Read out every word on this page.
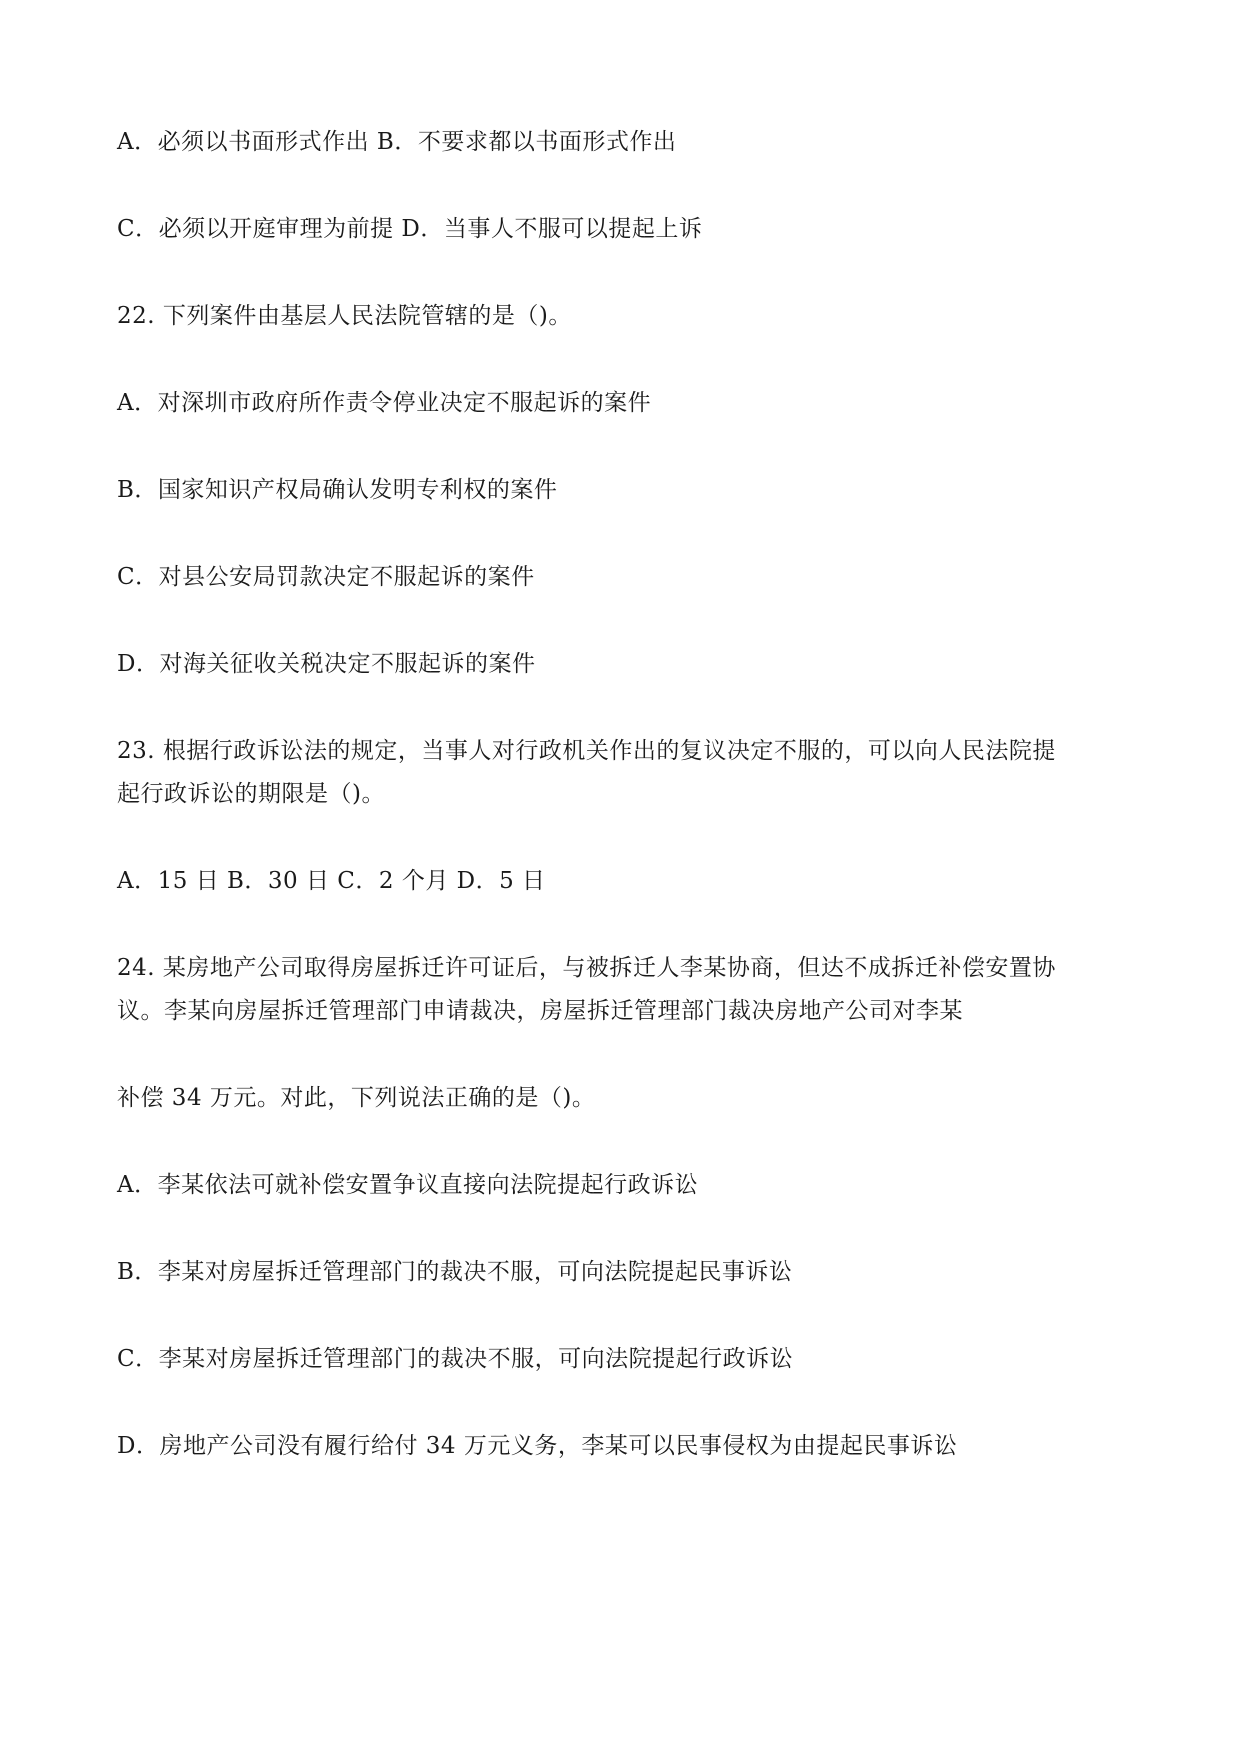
A．必须以书面形式作出 B．不要求都以书面形式作出
C．必须以开庭审理为前提 D．当事人不服可以提起上诉
22. 下列案件由基层人民法院管辖的是（)。
A．对深圳市政府所作责令停业决定不服起诉的案件
B．国家知识产权局确认发明专利权的案件
C．对县公安局罚款决定不服起诉的案件
D．对海关征收关税决定不服起诉的案件
23. 根据行政诉讼法的规定，当事人对行政机关作出的复议决定不服的，可以向人民法院提
起行政诉讼的期限是（)。
A．15 日 B．30 日 C．2 个月 D．5 日
24. 某房地产公司取得房屋拆迁许可证后，与被拆迁人李某协商，但达不成拆迁补偿安置协
议。李某向房屋拆迁管理部门申请裁决，房屋拆迁管理部门裁决房地产公司对李某
补偿 34 万元。对此，下列说法正确的是（)。
A．李某依法可就补偿安置争议直接向法院提起行政诉讼
B．李某对房屋拆迁管理部门的裁决不服，可向法院提起民事诉讼
C．李某对房屋拆迁管理部门的裁决不服，可向法院提起行政诉讼
D．房地产公司没有履行给付 34 万元义务，李某可以民事侵权为由提起民事诉讼
